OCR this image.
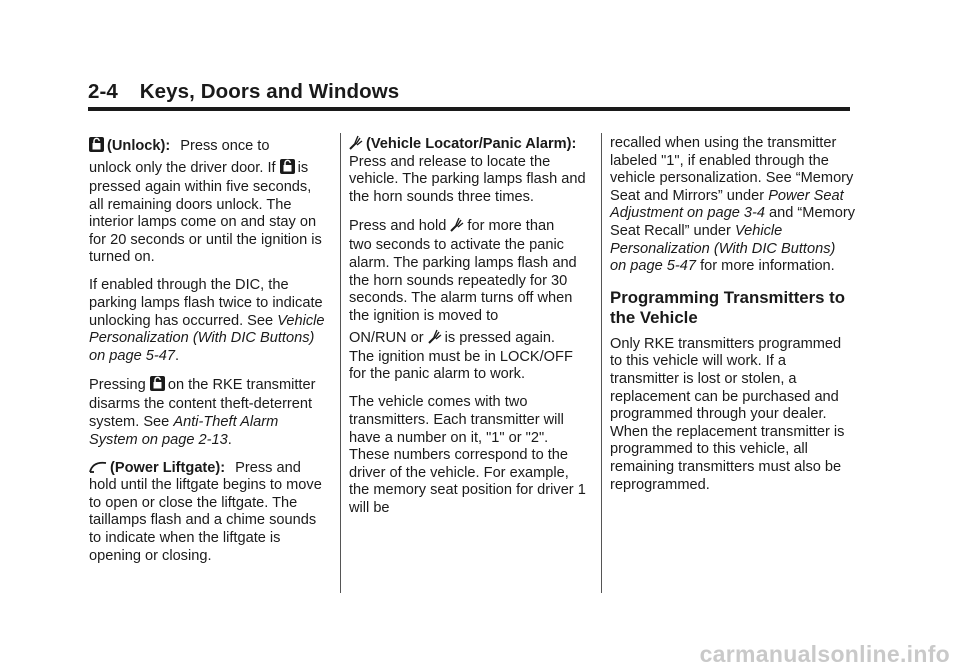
2-4 Keys, Doors and Windows

(Unlock): Press once to
unlock only the driver door. If is
pressed again within five seconds, all remaining doors unlock. The interior lamps come on and stay on for 20 seconds or until the ignition is turned on.

If enabled through the DIC, the parking lamps flash twice to indicate unlocking has occurred. See Vehicle Personalization (With DIC Buttons) on page 5-47.

Pressing on the RKE transmitter
disarms the content theft-deterrent system. See Anti-Theft Alarm System on page 2-13.

(Power Liftgate): Press and
hold until the liftgate begins to move to open or close the liftgate. The taillamps flash and a chime sounds to indicate when the liftgate is opening or closing.

(Vehicle Locator/Panic Alarm):Press and release to locate the vehicle. The parking lamps flash and the horn sounds three times.

Press and hold for more than
two seconds to activate the panic alarm. The parking lamps flash and the horn sounds repeatedly for 30 seconds. The alarm turns off when the ignition is moved to
ON/RUN or is pressed again.
The ignition must be in LOCK/OFF for the panic alarm to work.

The vehicle comes with two transmitters. Each transmitter will have a number on it, "1" or "2". These numbers correspond to the driver of the vehicle. For example, the memory seat position for driver 1 will be

recalled when using the transmitter labeled "1", if enabled through the vehicle personalization. See “Memory Seat and Mirrors” under Power Seat Adjustment on page 3-4 and “Memory Seat Recall” under Vehicle Personalization (With DIC Buttons) on page 5-47 for more information.

Programming Transmitters to the Vehicle

Only RKE transmitters programmed to this vehicle will work. If a transmitter is lost or stolen, a replacement can be purchased and programmed through your dealer. When the replacement transmitter is programmed to this vehicle, all remaining transmitters must also be reprogrammed.

carmanualsonline.info
